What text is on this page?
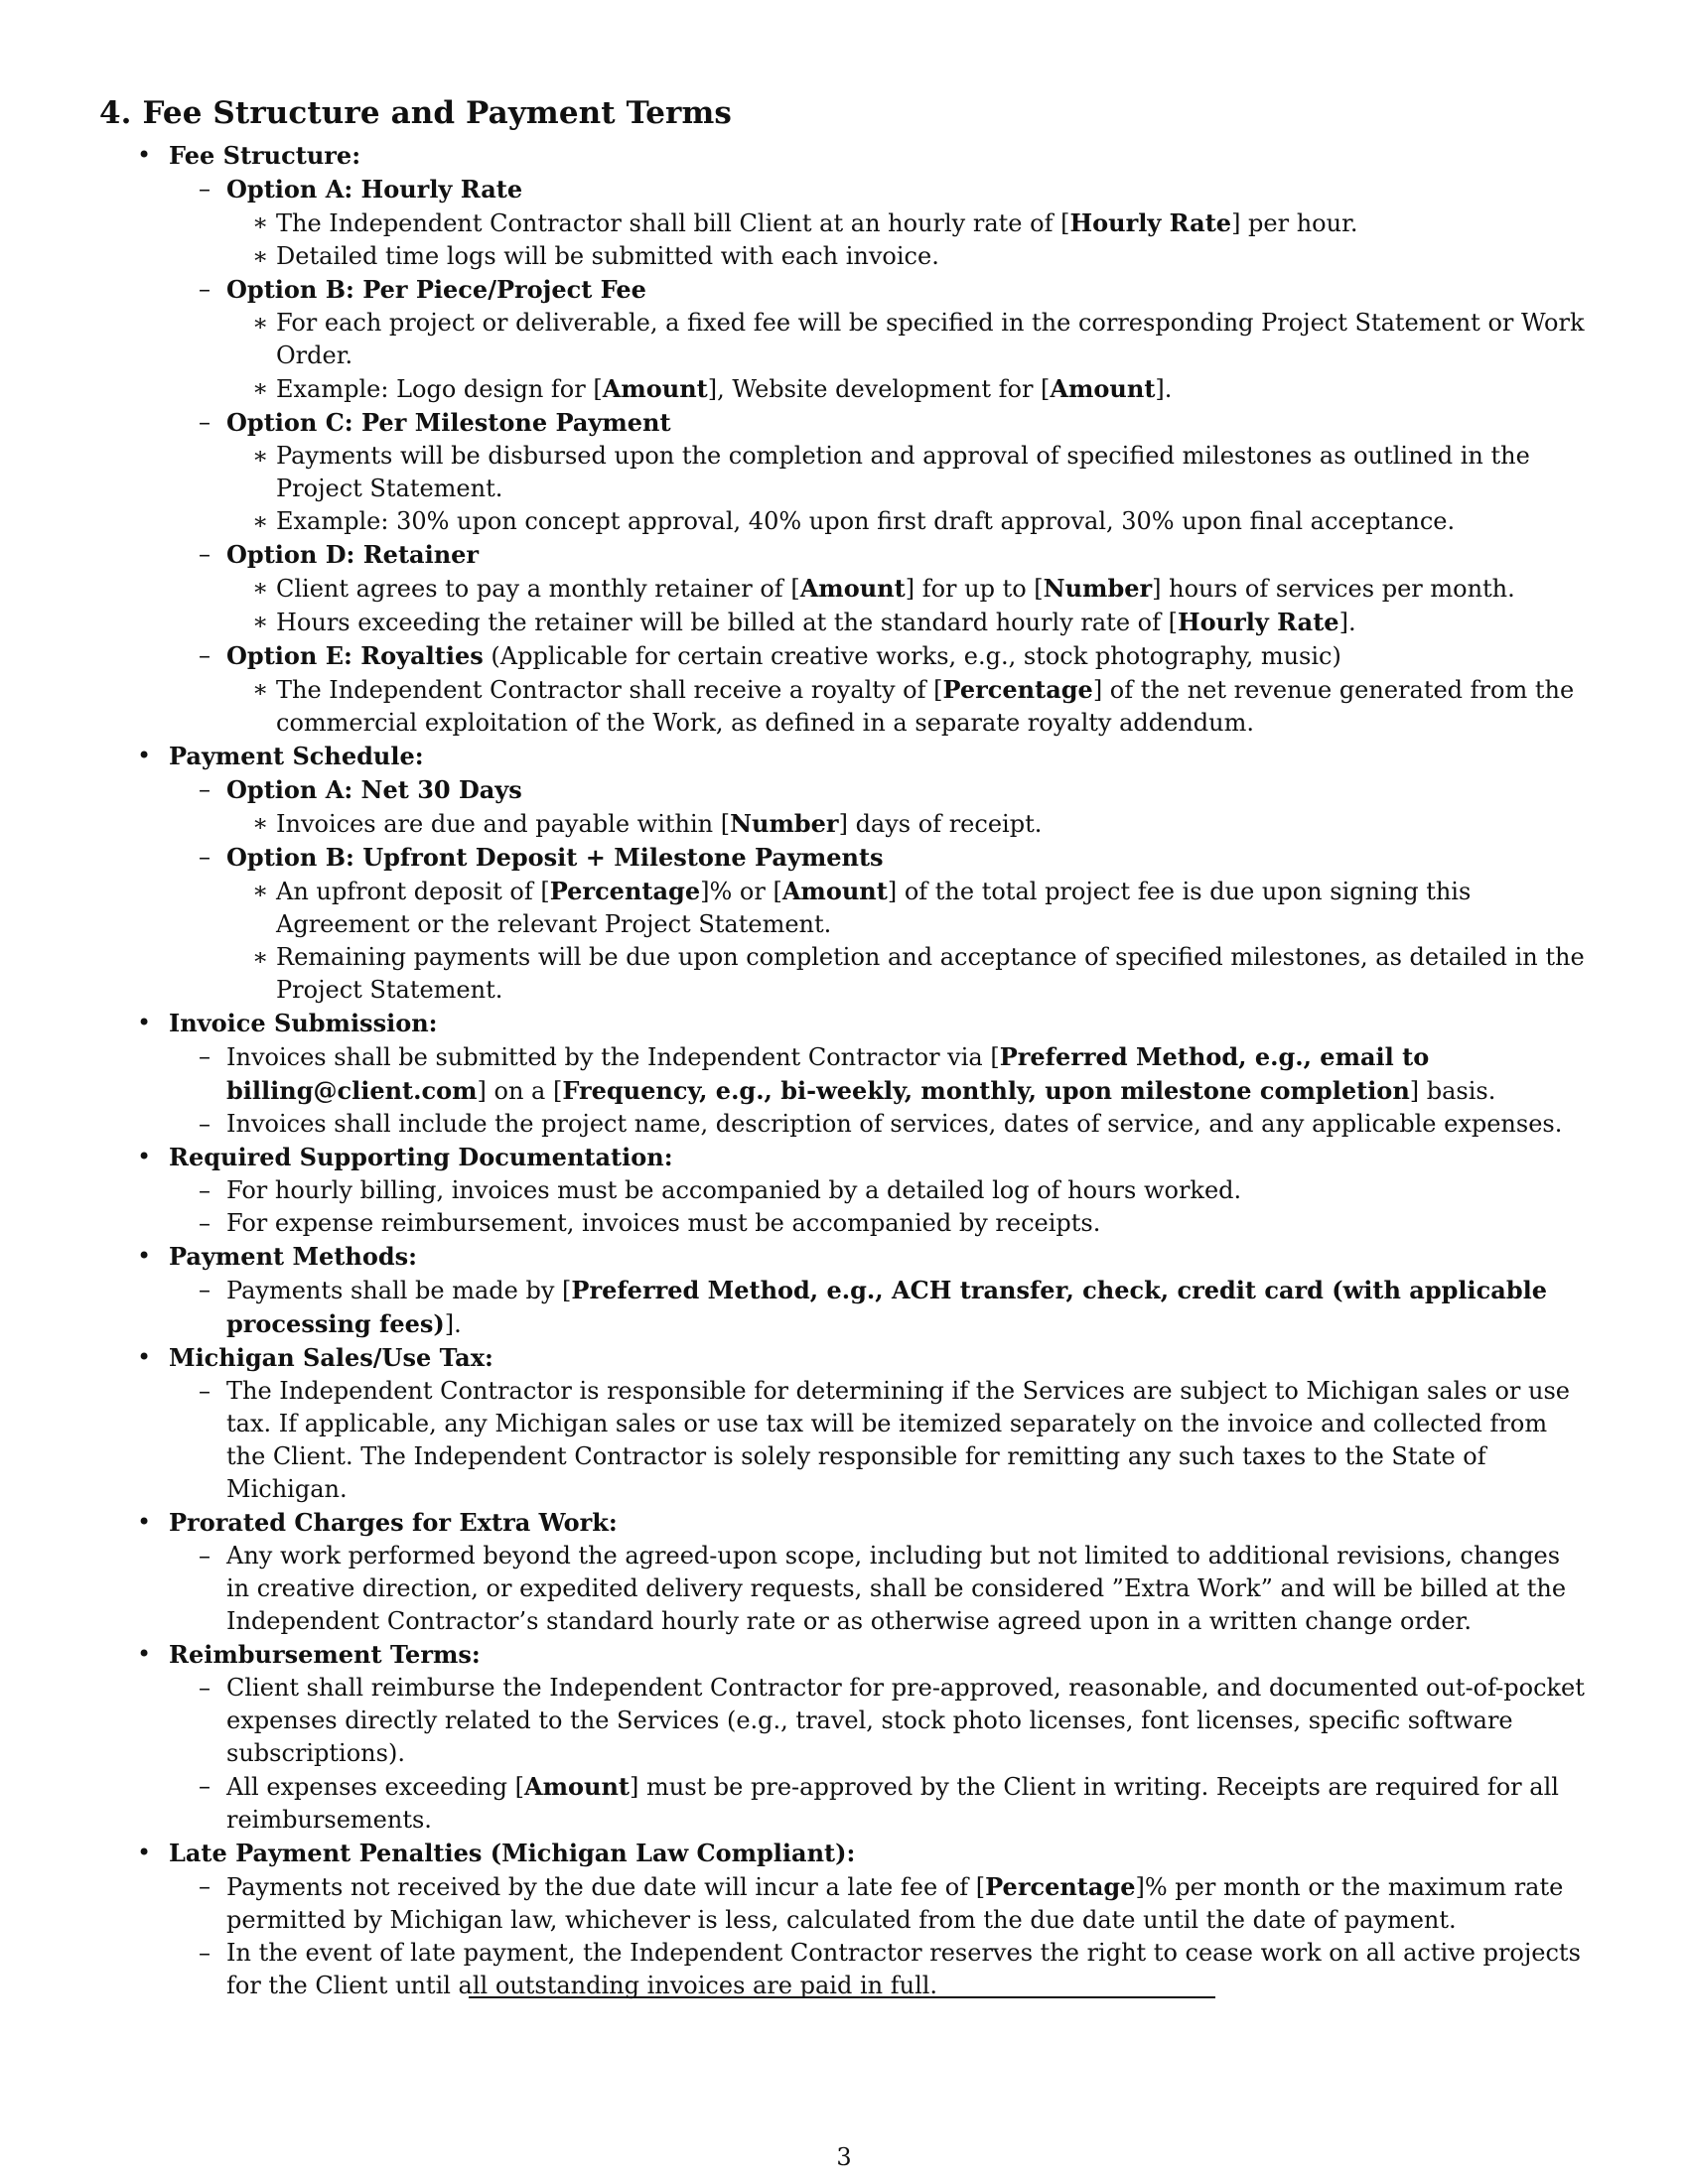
4. Fee Structure and Payment Terms
• Fee Structure:
– Option A: Hourly Rate
∗ The Independent Contractor shall bill Client at an hourly rate of [Hourly Rate] per hour.
∗ Detailed time logs will be submitted with each invoice.
– Option B: Per Piece/Project Fee
∗ For each project or deliverable, a fixed fee will be specified in the corresponding Project Statement or Work Order.
∗ Example: Logo design for [Amount], Website development for [Amount].
– Option C: Per Milestone Payment
∗ Payments will be disbursed upon the completion and approval of specified milestones as outlined in the Project Statement.
∗ Example: 30% upon concept approval, 40% upon first draft approval, 30% upon final acceptance.
– Option D: Retainer
∗ Client agrees to pay a monthly retainer of [Amount] for up to [Number] hours of services per month.
∗ Hours exceeding the retainer will be billed at the standard hourly rate of [Hourly Rate].
– Option E: Royalties (Applicable for certain creative works, e.g., stock photography, music)
∗ The Independent Contractor shall receive a royalty of [Percentage] of the net revenue generated from the commercial exploitation of the Work, as defined in a separate royalty addendum.
• Payment Schedule:
– Option A: Net 30 Days
∗ Invoices are due and payable within [Number] days of receipt.
– Option B: Upfront Deposit + Milestone Payments
∗ An upfront deposit of [Percentage]% or [Amount] of the total project fee is due upon signing this Agreement or the relevant Project Statement.
∗ Remaining payments will be due upon completion and acceptance of specified milestones, as detailed in the Project Statement.
• Invoice Submission:
– Invoices shall be submitted by the Independent Contractor via [Preferred Method, e.g., email to billing@client.com] on a [Frequency, e.g., bi-weekly, monthly, upon milestone completion] basis.
– Invoices shall include the project name, description of services, dates of service, and any applicable expenses.
• Required Supporting Documentation:
– For hourly billing, invoices must be accompanied by a detailed log of hours worked.
– For expense reimbursement, invoices must be accompanied by receipts.
• Payment Methods:
– Payments shall be made by [Preferred Method, e.g., ACH transfer, check, credit card (with applicable processing fees)].
• Michigan Sales/Use Tax:
– The Independent Contractor is responsible for determining if the Services are subject to Michigan sales or use tax. If applicable, any Michigan sales or use tax will be itemized separately on the invoice and collected from the Client. The Independent Contractor is solely responsible for remitting any such taxes to the State of Michigan.
• Prorated Charges for Extra Work:
– Any work performed beyond the agreed-upon scope, including but not limited to additional revisions, changes in creative direction, or expedited delivery requests, shall be considered ”Extra Work” and will be billed at the Independent Contractor’s standard hourly rate or as otherwise agreed upon in a written change order.
• Reimbursement Terms:
– Client shall reimburse the Independent Contractor for pre-approved, reasonable, and documented out-of-pocket expenses directly related to the Services (e.g., travel, stock photo licenses, font licenses, specific software subscriptions).
– All expenses exceeding [Amount] must be pre-approved by the Client in writing. Receipts are required for all reimbursements.
• Late Payment Penalties (Michigan Law Compliant):
– Payments not received by the due date will incur a late fee of [Percentage]% per month or the maximum rate permitted by Michigan law, whichever is less, calculated from the due date until the date of payment.
– In the event of late payment, the Independent Contractor reserves the right to cease work on all active projects for the Client until all outstanding invoices are paid in full.
3
